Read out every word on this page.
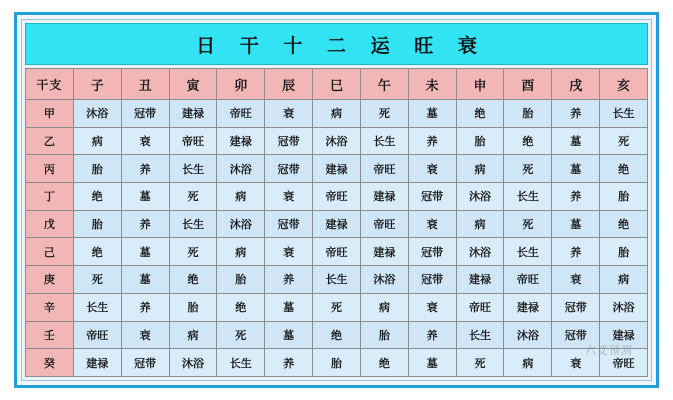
日 干 十 二 运 旺 衰
干支	子	丑	寅	卯	辰	巳	午	未	申	酉	戌	亥
甲	沐浴	冠带	建禄	帝旺	衰	病	死	墓	绝	胎	养	长生
乙	病	衰	帝旺	建禄	冠带	沐浴	长生	养	胎	绝	墓	死
丙	胎	养	长生	沐浴	冠带	建禄	帝旺	衰	病	死	墓	绝
丁	绝	墓	死	病	衰	帝旺	建禄	冠带	沐浴	长生	养	胎
戊	胎	养	长生	沐浴	冠带	建禄	帝旺	衰	病	死	墓	绝
己	绝	墓	死	病	衰	帝旺	建禄	冠带	沐浴	长生	养	胎
庚	死	墓	绝	胎	养	长生	沐浴	冠带	建禄	帝旺	衰	病
辛	长生	养	胎	绝	墓	死	病	衰	帝旺	建禄	冠带	沐浴
壬	帝旺	衰	病	死	墓	绝	胎	养	长生	沐浴	冠带	建禄
癸	建禄	冠带	沐浴	长生	养	胎	绝	墓	死	病	衰	帝旺
六爻预测
